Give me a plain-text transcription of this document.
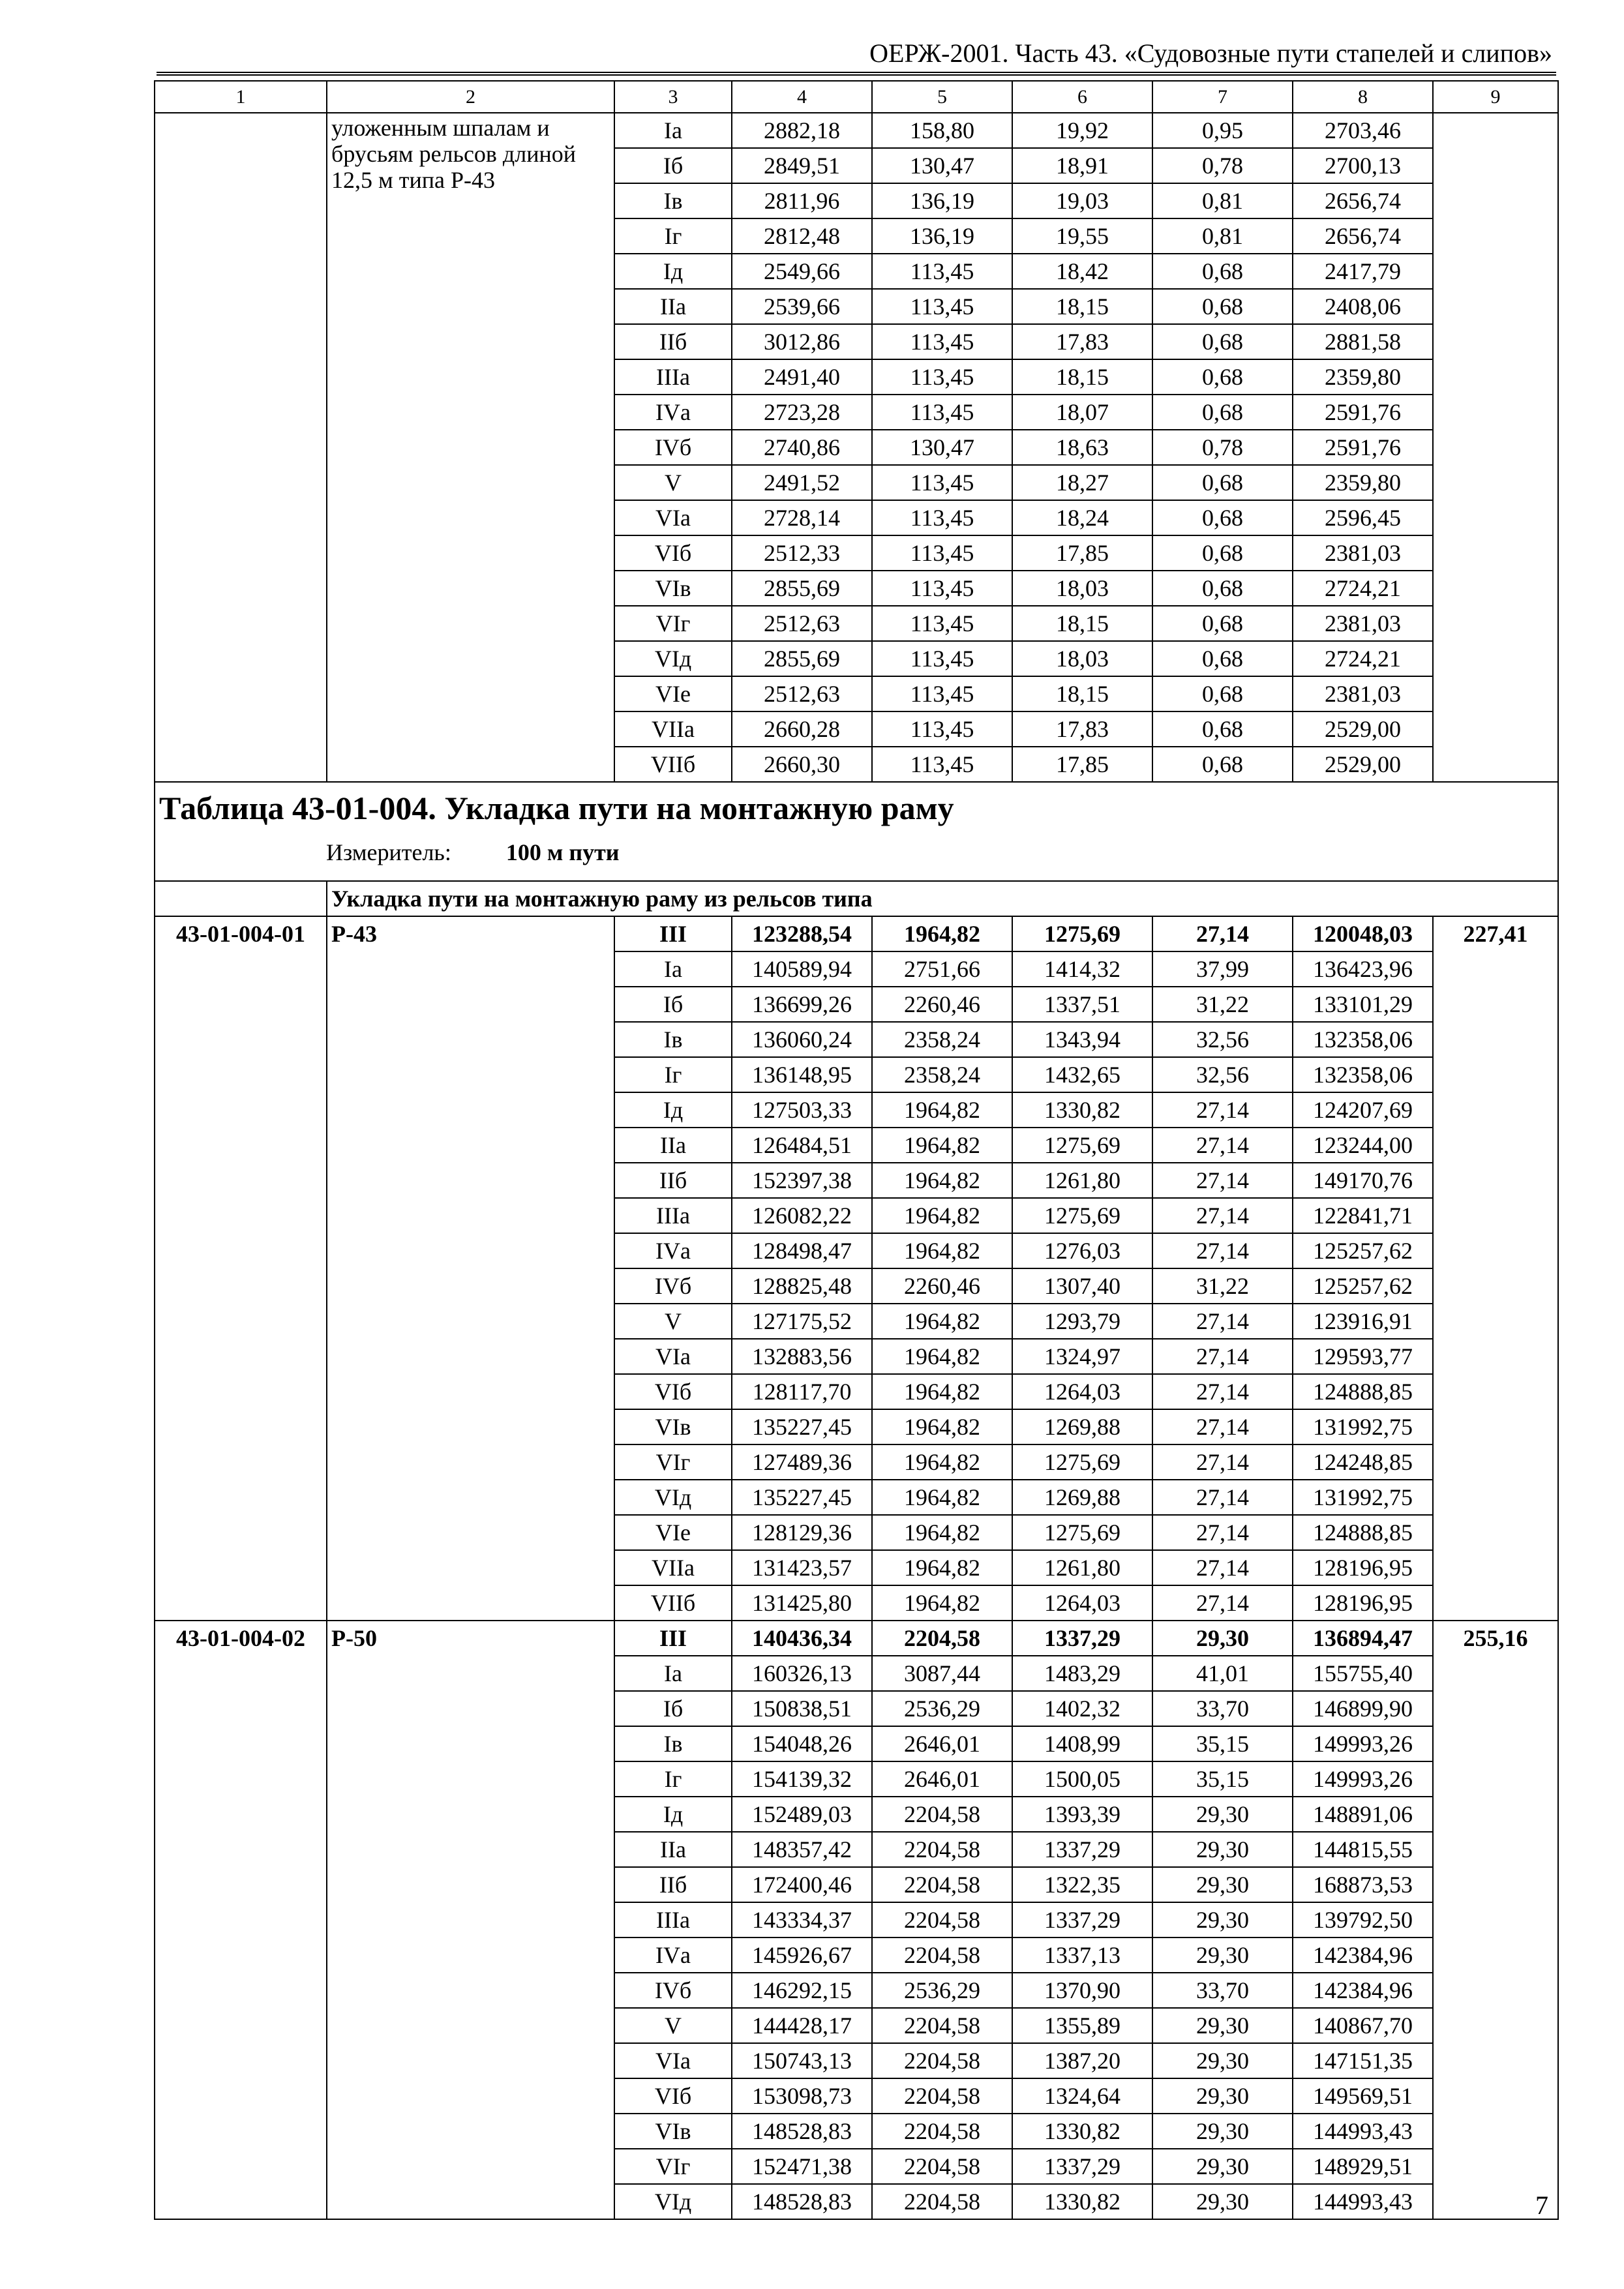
ОЕРЖ-2001. Часть 43. «Судовозные пути стапелей и слипов»
1	2	3	4	5	6	7	8	9
	уложенным шпалам и брусьям рельсов длиной 12,5 м типа Р-43	Iа	2882,18	158,80	19,92	0,95	2703,46	
		Iб	2849,51	130,47	18,91	0,78	2700,13	
		Iв	2811,96	136,19	19,03	0,81	2656,74	
		Iг	2812,48	136,19	19,55	0,81	2656,74	
		Iд	2549,66	113,45	18,42	0,68	2417,79	
		IIа	2539,66	113,45	18,15	0,68	2408,06	
		IIб	3012,86	113,45	17,83	0,68	2881,58	
		IIIа	2491,40	113,45	18,15	0,68	2359,80	
		IVа	2723,28	113,45	18,07	0,68	2591,76	
		IVб	2740,86	130,47	18,63	0,78	2591,76	
		V	2491,52	113,45	18,27	0,68	2359,80	
		VIа	2728,14	113,45	18,24	0,68	2596,45	
		VIб	2512,33	113,45	17,85	0,68	2381,03	
		VIв	2855,69	113,45	18,03	0,68	2724,21	
		VIг	2512,63	113,45	18,15	0,68	2381,03	
		VIд	2855,69	113,45	18,03	0,68	2724,21	
		VIе	2512,63	113,45	18,15	0,68	2381,03	
		VIIа	2660,28	113,45	17,83	0,68	2529,00	
		VIIб	2660,30	113,45	17,85	0,68	2529,00	

Таблица 43-01-004. Укладка пути на монтажную раму
Измеритель: 100 м пути								

	Укладка пути на монтажную раму из рельсов типа							
43-01-004-01	Р-43	III	123288,54	1964,82	1275,69	27,14	120048,03	227,41
		Iа	140589,94	2751,66	1414,32	37,99	136423,96	
		Iб	136699,26	2260,46	1337,51	31,22	133101,29	
		Iв	136060,24	2358,24	1343,94	32,56	132358,06	
		Iг	136148,95	2358,24	1432,65	32,56	132358,06	
		Iд	127503,33	1964,82	1330,82	27,14	124207,69	
		IIа	126484,51	1964,82	1275,69	27,14	123244,00	
		IIб	152397,38	1964,82	1261,80	27,14	149170,76	
		IIIа	126082,22	1964,82	1275,69	27,14	122841,71	
		IVа	128498,47	1964,82	1276,03	27,14	125257,62	
		IVб	128825,48	2260,46	1307,40	31,22	125257,62	
		V	127175,52	1964,82	1293,79	27,14	123916,91	
		VIа	132883,56	1964,82	1324,97	27,14	129593,77	
		VIб	128117,70	1964,82	1264,03	27,14	124888,85	
		VIв	135227,45	1964,82	1269,88	27,14	131992,75	
		VIг	127489,36	1964,82	1275,69	27,14	124248,85	
		VIд	135227,45	1964,82	1269,88	27,14	131992,75	
		VIе	128129,36	1964,82	1275,69	27,14	124888,85	
		VIIа	131423,57	1964,82	1261,80	27,14	128196,95	
		VIIб	131425,80	1964,82	1264,03	27,14	128196,95	
43-01-004-02	Р-50	III	140436,34	2204,58	1337,29	29,30	136894,47	255,16
		Iа	160326,13	3087,44	1483,29	41,01	155755,40	
		Iб	150838,51	2536,29	1402,32	33,70	146899,90	
		Iв	154048,26	2646,01	1408,99	35,15	149993,26	
		Iг	154139,32	2646,01	1500,05	35,15	149993,26	
		Iд	152489,03	2204,58	1393,39	29,30	148891,06	
		IIа	148357,42	2204,58	1337,29	29,30	144815,55	
		IIб	172400,46	2204,58	1322,35	29,30	168873,53	
		IIIа	143334,37	2204,58	1337,29	29,30	139792,50	
		IVа	145926,67	2204,58	1337,13	29,30	142384,96	
		IVб	146292,15	2536,29	1370,90	33,70	142384,96	
		V	144428,17	2204,58	1355,89	29,30	140867,70	
		VIа	150743,13	2204,58	1387,20	29,30	147151,35	
		VIб	153098,73	2204,58	1324,64	29,30	149569,51	
		VIв	148528,83	2204,58	1330,82	29,30	144993,43	
		VIг	152471,38	2204,58	1337,29	29,30	148929,51	
		VIд	148528,83	2204,58	1330,82	29,30	144993,43		7
